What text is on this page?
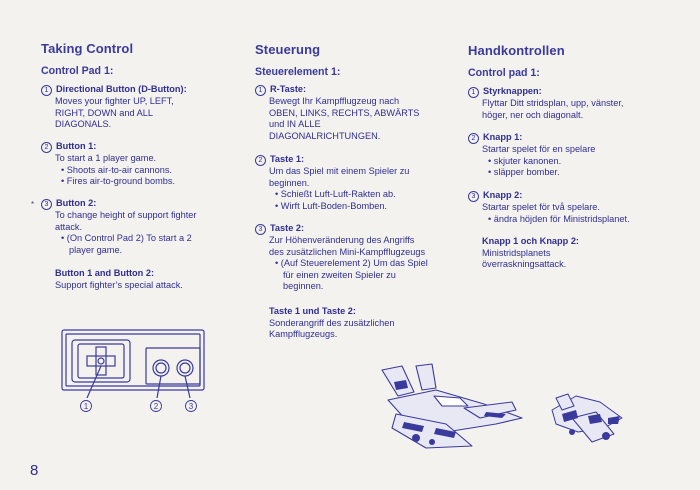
Taking Control
Control Pad 1:
1 Directional Button (D-Button):
Moves your fighter UP, LEFT,
RIGHT, DOWN and ALL
DIAGONALS.
2 Button 1:
To start a 1 player game.
• Shoots air-to-air cannons.
• Fires air-to-ground bombs.
3 Button 2:
To change height of support fighter
attack.
• (On Control Pad 2) To start a 2
player game.
Button 1 and Button 2:
Support fighter’s special attack.
*
Steuerung
Steuerelement 1:
1 R-Taste:
Bewegt Ihr Kampfflugzeug nach
OBEN, LINKS, RECHTS, ABWÄRTS
und IN ALLE
DIAGONALRICHTUNGEN.
2 Taste 1:
Um das Spiel mit einem Spieler zu
beginnen.
• Schießt Luft-Luft-Rakten ab.
• Wirft Luft-Boden-Bomben.
3 Taste 2:
Zur Höhenveränderung des Angriffs
des zusätzlichen Mini-Kampfflugzeugs
• (Auf Steuerelement 2) Um das Spiel
für einen zweiten Spieler zu
beginnen.
Taste 1 und Taste 2:
Sonderangriff des zusätzlichen
Kampfflugzeugs.
Handkontrollen
Control pad 1:
1 Styrknappen:
Flyttar Ditt stridsplan, upp, vänster,
höger, ner och diagonalt.
2 Knapp 1:
Startar spelet för en spelare
• skjuter kanonen.
• släpper bomber.
3 Knapp 2:
Startar spelet för två spelare.
• ändra höjden för Ministridsplanet.
Knapp 1 och Knapp 2:
Ministridsplanets
överraskningsattack.
1	2	3
8
